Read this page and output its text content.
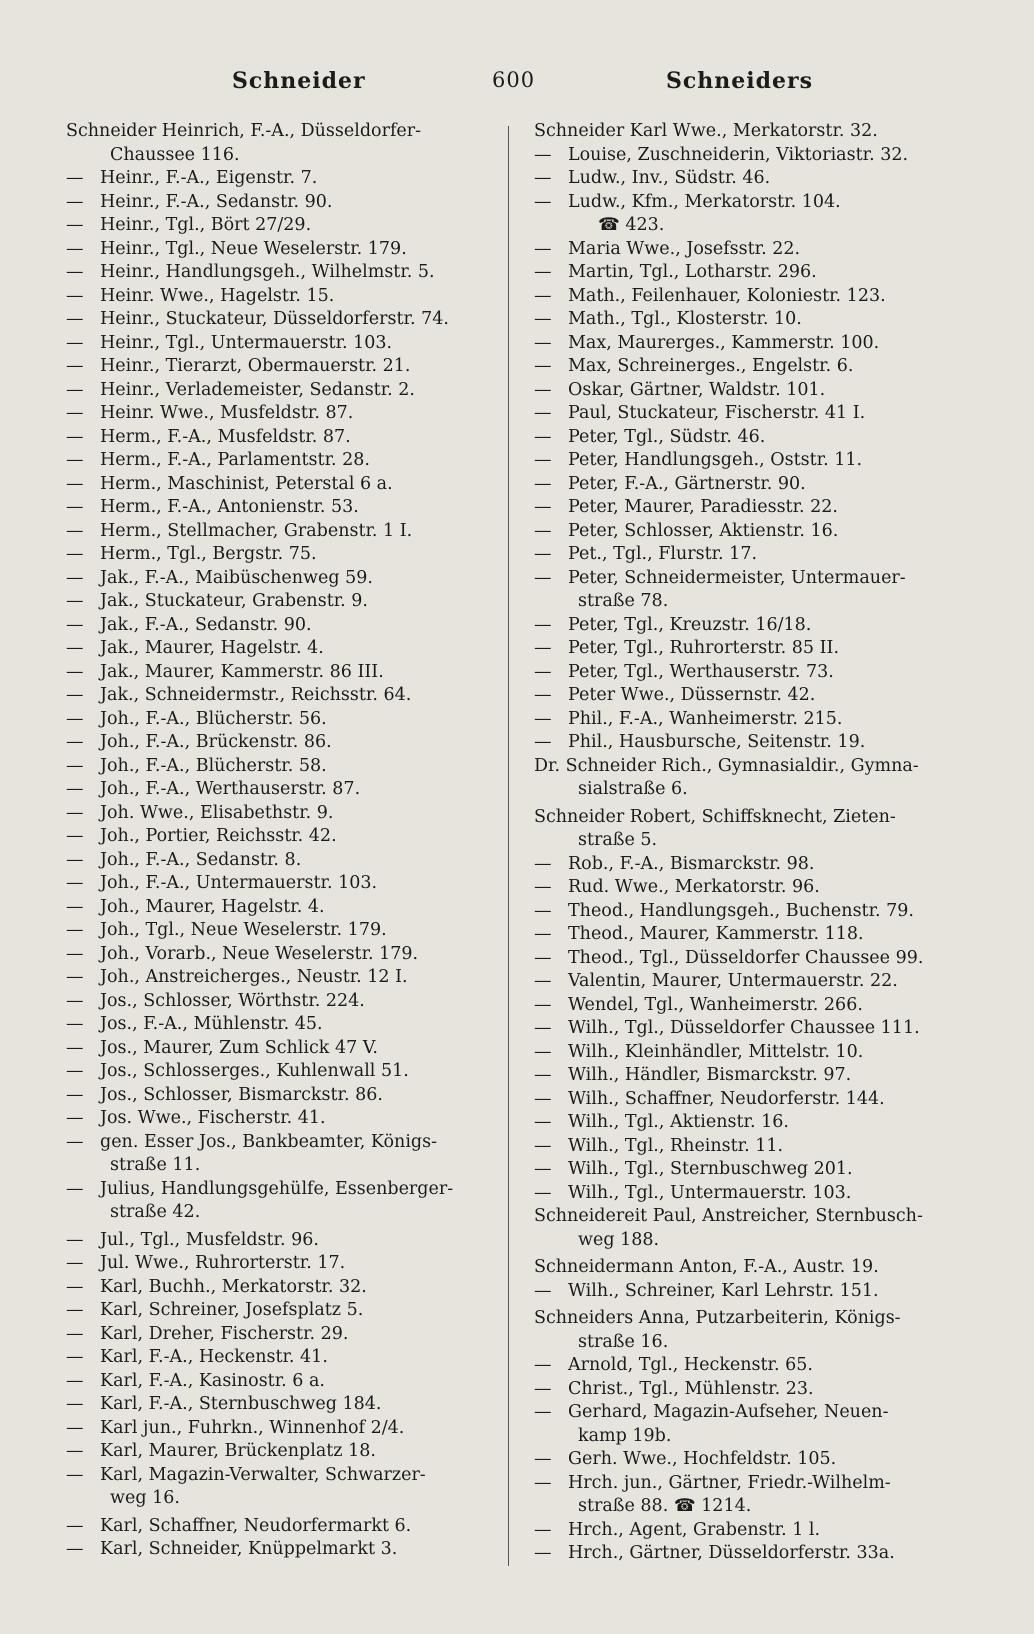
Schneider	600	Schneiders
Schneider Heinrich, F.-A., Düsseldorfer-
Chaussee 116.
— Heinr., F.-A., Eigenstr. 7.
— Heinr., F.-A., Sedanstr. 90.
— Heinr., Tgl., Bört 27/29.
— Heinr., Tgl., Neue Weselerstr. 179.
— Heinr., Handlungsgeh., Wilhelmstr. 5.
— Heinr. Wwe., Hagelstr. 15.
— Heinr., Stuckateur, Düsseldorferstr. 74.
— Heinr., Tgl., Untermauerstr. 103.
— Heinr., Tierarzt, Obermauerstr. 21.
— Heinr., Verlademeister, Sedanstr. 2.
— Heinr. Wwe., Musfeldstr. 87.
— Herm., F.-A., Musfeldstr. 87.
— Herm., F.-A., Parlamentstr. 28.
— Herm., Maschinist, Peterstal 6 a.
— Herm., F.-A., Antonienstr. 53.
— Herm., Stellmacher, Grabenstr. 1 I.
— Herm., Tgl., Bergstr. 75.
— Jak., F.-A., Maibüschenweg 59.
— Jak., Stuckateur, Grabenstr. 9.
— Jak., F.-A., Sedanstr. 90.
— Jak., Maurer, Hagelstr. 4.
— Jak., Maurer, Kammerstr. 86 III.
— Jak., Schneidermstr., Reichsstr. 64.
— Joh., F.-A., Blücherstr. 56.
— Joh., F.-A., Brückenstr. 86.
— Joh., F.-A., Blücherstr. 58.
— Joh., F.-A., Werthauserstr. 87.
— Joh. Wwe., Elisabethstr. 9.
— Joh., Portier, Reichsstr. 42.
— Joh., F.-A., Sedanstr. 8.
— Joh., F.-A., Untermauerstr. 103.
— Joh., Maurer, Hagelstr. 4.
— Joh., Tgl., Neue Weselerstr. 179.
— Joh., Vorarb., Neue Weselerstr. 179.
— Joh., Anstreicherges., Neustr. 12 I.
— Jos., Schlosser, Wörthstr. 224.
— Jos., F.-A., Mühlenstr. 45.
— Jos., Maurer, Zum Schlick 47 V.
— Jos., Schlosserges., Kuhlenwall 51.
— Jos., Schlosser, Bismarckstr. 86.
— Jos. Wwe., Fischerstr. 41.
— gen. Esser Jos., Bankbeamter, Königs-
straße 11.
— Julius, Handlungsgehülfe, Essenberger-
straße 42.
— Jul., Tgl., Musfeldstr. 96.
— Jul. Wwe., Ruhrorterstr. 17.
— Karl, Buchh., Merkatorstr. 32.
— Karl, Schreiner, Josefsplatz 5.
— Karl, Dreher, Fischerstr. 29.
— Karl, F.-A., Heckenstr. 41.
— Karl, F.-A., Kasinostr. 6 a.
— Karl, F.-A., Sternbuschweg 184.
— Karl jun., Fuhrkn., Winnenhof 2/4.
— Karl, Maurer, Brückenplatz 18.
— Karl, Magazin-Verwalter, Schwarzer-
weg 16.
— Karl, Schaffner, Neudorfermarkt 6.
— Karl, Schneider, Knüppelmarkt 3.
Schneider Karl Wwe., Merkatorstr. 32.
— Louise, Zuschneiderin, Viktoriastr. 32.
— Ludw., Inv., Südstr. 46.
— Ludw., Kfm., Merkatorstr. 104.
☎ 423.
— Maria Wwe., Josefsstr. 22.
— Martin, Tgl., Lotharstr. 296.
— Math., Feilenhauer, Koloniestr. 123.
— Math., Tgl., Klosterstr. 10.
— Max, Maurerges., Kammerstr. 100.
— Max, Schreinerges., Engelstr. 6.
— Oskar, Gärtner, Waldstr. 101.
— Paul, Stuckateur, Fischerstr. 41 I.
— Peter, Tgl., Südstr. 46.
— Peter, Handlungsgeh., Oststr. 11.
— Peter, F.-A., Gärtnerstr. 90.
— Peter, Maurer, Paradiesstr. 22.
— Peter, Schlosser, Aktienstr. 16.
— Pet., Tgl., Flurstr. 17.
— Peter, Schneidermeister, Untermauer-
straße 78.
— Peter, Tgl., Kreuzstr. 16/18.
— Peter, Tgl., Ruhrorterstr. 85 II.
— Peter, Tgl., Werthauserstr. 73.
— Peter Wwe., Düssernstr. 42.
— Phil., F.-A., Wanheimerstr. 215.
— Phil., Hausbursche, Seitenstr. 19.
Dr. Schneider Rich., Gymnasialdir., Gymna-
sialstraße 6.
Schneider Robert, Schiffsknecht, Zieten-
straße 5.
— Rob., F.-A., Bismarckstr. 98.
— Rud. Wwe., Merkatorstr. 96.
— Theod., Handlungsgeh., Buchenstr. 79.
— Theod., Maurer, Kammerstr. 118.
— Theod., Tgl., Düsseldorfer Chaussee 99.
— Valentin, Maurer, Untermauerstr. 22.
— Wendel, Tgl., Wanheimerstr. 266.
— Wilh., Tgl., Düsseldorfer Chaussee 111.
— Wilh., Kleinhändler, Mittelstr. 10.
— Wilh., Händler, Bismarckstr. 97.
— Wilh., Schaffner, Neudorferstr. 144.
— Wilh., Tgl., Aktienstr. 16.
— Wilh., Tgl., Rheinstr. 11.
— Wilh., Tgl., Sternbuschweg 201.
— Wilh., Tgl., Untermauerstr. 103.
Schneidereit Paul, Anstreicher, Sternbusch-
weg 188.
Schneidermann Anton, F.-A., Austr. 19.
— Wilh., Schreiner, Karl Lehrstr. 151.
Schneiders Anna, Putzarbeiterin, Königs-
straße 16.
— Arnold, Tgl., Heckenstr. 65.
— Christ., Tgl., Mühlenstr. 23.
— Gerhard, Magazin-Aufseher, Neuen-
kamp 19b.
— Gerh. Wwe., Hochfeldstr. 105.
— Hrch. jun., Gärtner, Friedr.-Wilhelm-
straße 88. ☎ 1214.
— Hrch., Agent, Grabenstr. 1 l.
— Hrch., Gärtner, Düsseldorferstr. 33a.
